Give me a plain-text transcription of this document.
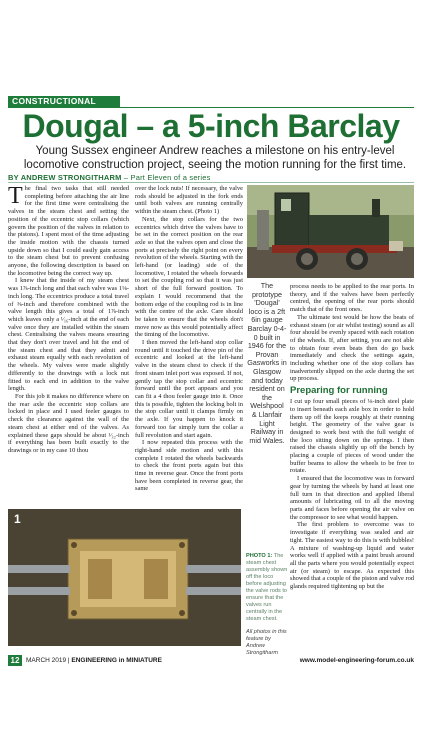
CONSTRUCTIONAL
Dougal – a 5-inch Barclay
Young Sussex engineer Andrew reaches a milestone on his entry-level locomotive construction project, seeing the motion running for the first time.
BY ANDREW STRONGITHARM – Part Eleven of a series

The final two tasks that still needed completing before attaching the air line for the first time were centralising the valves in the steam chest and setting the position of the eccentric stop collars (which govern the position of the valves in relation to the pistons). I spent most of the time adjusting the inside motion with the chassis turned upside down so that I could easily gain access to the steam chest but to prevent confusing anyone, the following description is based on the locomotive being the correct way up.

I knew that the inside of my steam chest was 1⅞-inch long and that each valve was 1⅛-inch long. The eccentrics produce a total travel of ⅜-inch and therefore combined with the valve length this gives a total of 1⅞-inch which leaves only a ¹⁄₁₆-inch at the end of each valve once they are installed within the steam chest. Centralising the valves means ensuring that they don't over travel and hit the end of the steam chest and that they admit and exhaust steam equally with each revolution of the wheels. My valves were made slightly differently to the drawings with a lock nut fitted to each end in addition to the valve length.

For this job it makes no difference where on the rear axle the eccentric stop collars are locked in place and I used feeler gauges to check the clearance against the wall of the steam chest at either end of the valves. As explained these gaps should be about ¹⁄₃₂-inch if everything has been built exactly to the drawings or in my case 10 thou

over the lock nuts! If necessary, the valve rods should be adjusted in the fork ends until both valves are running centrally within the steam chest. (Photo 1)

Next, the stop collars for the two eccentrics which drive the valves have to be set in the correct position on the rear axle so that the valves open and close the ports at precisely the right point on every revolution of the wheels. Starting with the left-hand (or leading) side of the locomotive, I rotated the wheels forwards to set the coupling rod so that it was just short of the full forward position. To explain I would recommend that the bottom edge of the coupling rod is in line with the centre of the axle. Care should be taken to ensure that the wheels don't move now as this would potentially affect the timing of the locomotive.

I then moved the left-hand stop collar round until it touched the drive pin of the eccentric and looked at the left-hand valve in the steam chest to check if the front steam inlet port was exposed. If not, gently tap the stop collar and eccentric forward until the port appears and you can fit a 4 thou feeler gauge into it. Once this is possible, tighten the locking bolt in the stop collar until it clamps firmly on the axle. If you happen to knock it forward too far simply turn the collar a full revolution and start again.

I now repeated this process with the right-hand side motion and with this complete I rotated the wheels backwards to check the front ports again but this time in reverse gear. Once the front ports have been completed in reverse gear, the same

The prototype 'Dougal' loco is a 2ft 6in gauge Barclay 0-4-0 built in 1946 for the Provan Gasworks in Glasgow and today resident on the Welshpool & Llanfair Light Railway in mid Wales.

process needs to be applied to the rear ports. In theory, and if the valves have been perfectly centred, the opening of the rear ports should match that of the front ones.

The ultimate test would be how the beats of exhaust steam (or air whilst testing) sound as all four should be evenly spaced with each rotation of the wheels. If, after setting, you are not able to obtain four even beats then do go back immediately and check the settings again, including whether one of the stop collars has inadvertently slipped on the axle during the set up process.

Preparing for running

I cut up four small pieces of ⅛-inch steel plate to insert beneath each axle box in order to hold them up off the keeps roughly at their running height. The geometry of the valve gear is designed to work best with the full weight of the loco sitting down on the springs. I then raised the chassis slightly up off the bench by placing a couple of pieces of wood under the buffer beams to allow the wheels to be free to rotate.

I ensured that the locomotive was in forward gear by turning the wheels by hand at least one full turn in that direction and applied liberal amounts of lubricating oil to all the moving parts and faces before opening the air valve on the compressor to see what would happen.

The first problem to overcome was to investigate if everything was sealed and air tight. The easiest way to do this is with bubbles! A mixture of washing-up liquid and water works well if applied with a paint brush around all the parts where you would potentially expect air (or steam) to escape. As expected this showed that a couple of the piston and valve rod glands required tightening up but the

1
PHOTO 1: The steam chest assembly shown off the loco before adjusting the valve rods to ensure that the valves run centrally in the steam chest.
All photos in this feature by Andrew Strongitharm
12	MARCH 2019 | ENGINEERING in MINIATURE	www.model-engineering-forum.co.uk
